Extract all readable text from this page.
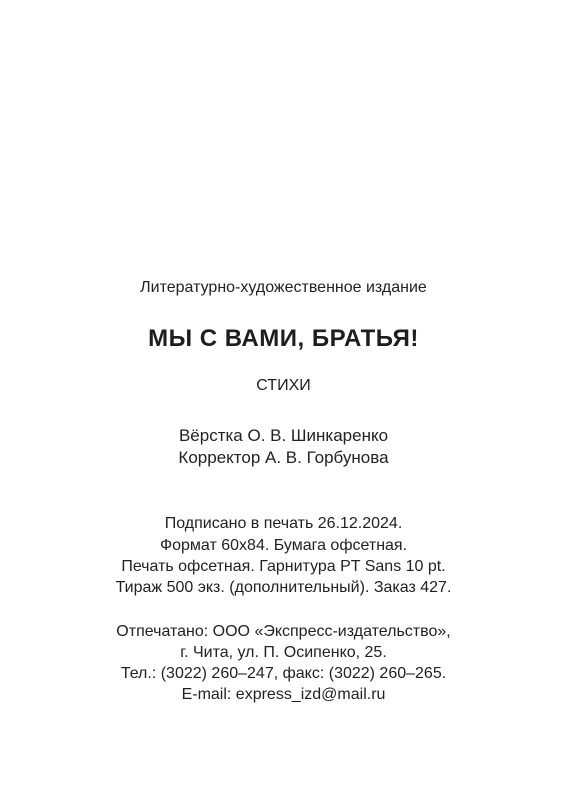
Литературно-художественное издание
МЫ С ВАМИ, БРАТЬЯ!
СТИХИ
Вёрстка О. В. Шинкаренко
Корректор А. В. Горбунова
Подписано в печать 26.12.2024.
Формат 60x84. Бумага офсетная.
Печать офсетная. Гарнитура PT Sans 10 pt.
Тираж 500 экз. (дополнительный). Заказ 427.
Отпечатано: ООО «Экспресс-издательство»,
г. Чита, ул. П. Осипенко, 25.
Тел.: (3022) 260–247, факс: (3022) 260–265.
E-mail: express_izd@mail.ru
